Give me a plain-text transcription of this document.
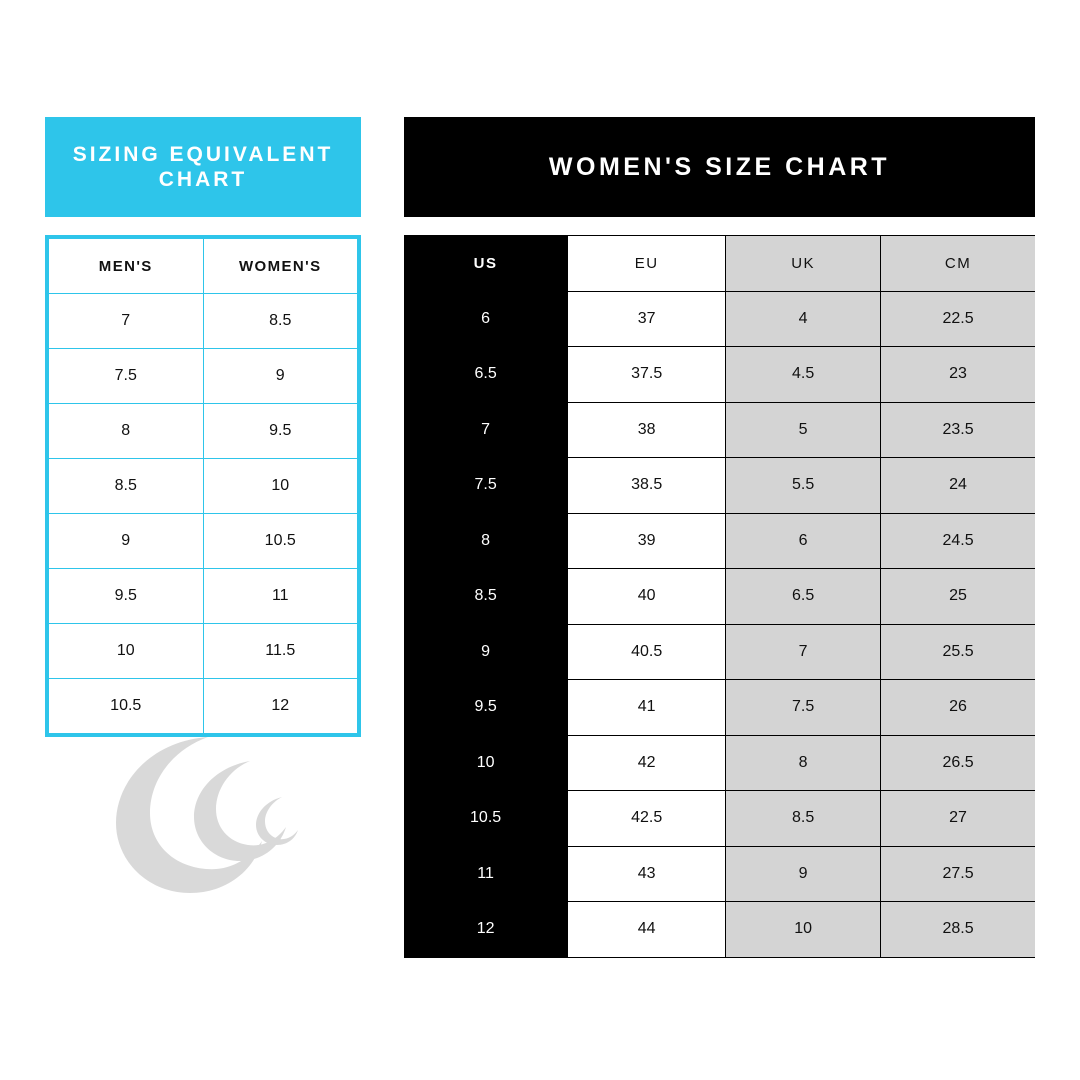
SIZING EQUIVALENT CHART
MEN'S	WOMEN'S
7	8.5
7.5	9
8	9.5
8.5	10
9	10.5
9.5	11
10	11.5
10.5	12
WOMEN'S SIZE CHART
US	EU	UK	CM
6	37	4	22.5
6.5	37.5	4.5	23
7	38	5	23.5
7.5	38.5	5.5	24
8	39	6	24.5
8.5	40	6.5	25
9	40.5	7	25.5
9.5	41	7.5	26
10	42	8	26.5
10.5	42.5	8.5	27
11	43	9	27.5
12	44	10	28.5
